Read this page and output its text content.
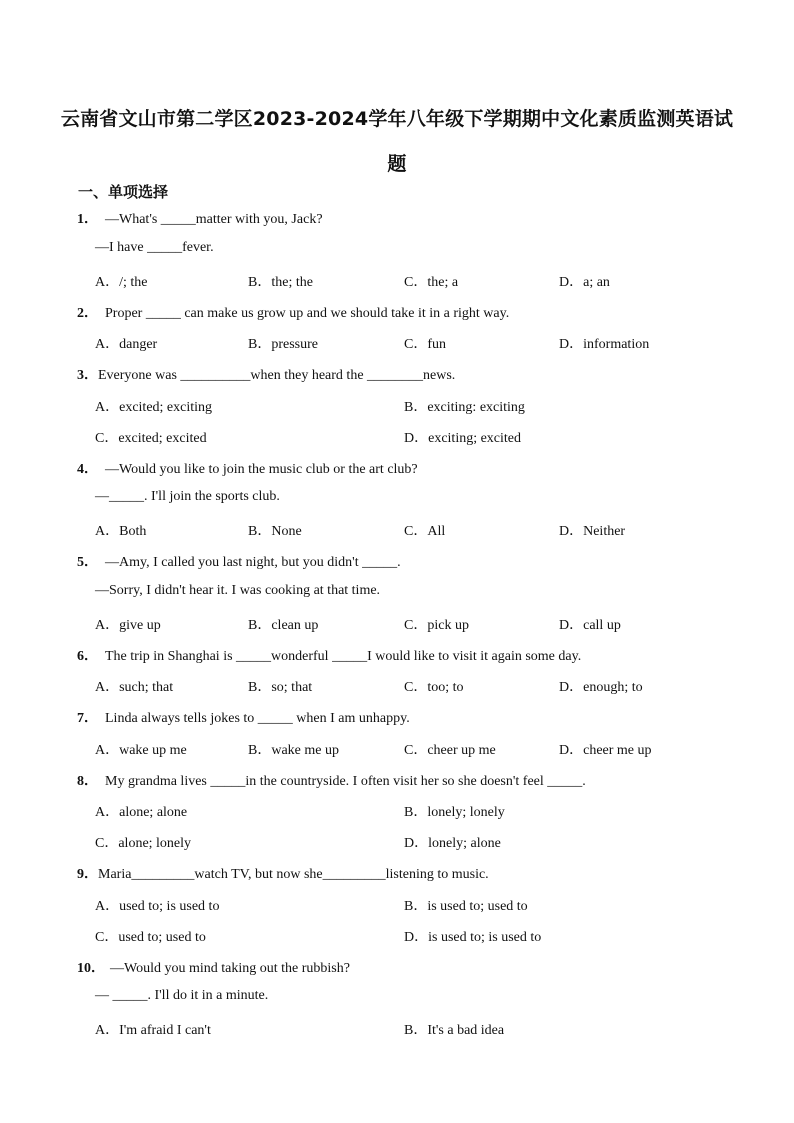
云南省文山市第二学区2023-2024学年八年级下学期期中文化素质监测英语试
题
一、单项选择
1． —What's _____matter with you, Jack?
—I have _____fever.
A．/; the	B．the; the	C．the; a	D．a; an
2． Proper _____ can make us grow up and we should take it in a right way.
A．danger	B．pressure	C．fun	D．information
3．Everyone was __________when they heard the ________news.
A．excited; exciting	B．exciting: exciting
C．excited; excited	D．exciting; excited
4． —Would you like to join the music club or the art club?
—_____. I'll join the sports club.
A．Both	B．None	C．All	D．Neither
5． —Amy, I called you last night, but you didn't _____.
—Sorry, I didn't hear it. I was cooking at that time.
A．give up	B．clean up	C．pick up	D．call up
6． The trip in Shanghai is _____wonderful _____I would like to visit it again some day.
A．such; that	B．so; that	C．too; to	D．enough; to
7． Linda always tells jokes to _____ when I am unhappy.
A．wake up me	B．wake me up	C．cheer up me	D．cheer me up
8． My grandma lives _____in the countryside. I often visit her so she doesn't feel _____.
A．alone; alone	B．lonely; lonely
C．alone; lonely	D．lonely; alone
9．Maria_________watch TV, but now she_________listening to music.
A．used to; is used to	B．is used to; used to
C．used to; used to	D．is used to; is used to
10． —Would you mind taking out the rubbish?
— _____. I'll do it in a minute.
A．I'm afraid I can't	B．It's a bad idea
